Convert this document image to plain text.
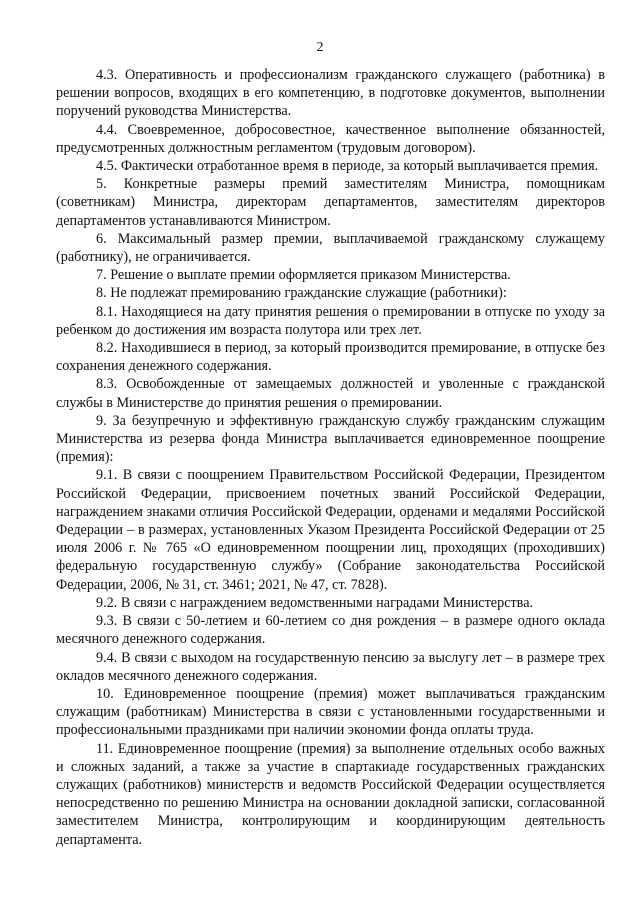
2

4.3. Оперативность и профессионализм гражданского служащего (работника) в решении вопросов, входящих в его компетенцию, в подготовке документов, выполнении поручений руководства Министерства.

4.4. Своевременное, добросовестное, качественное выполнение обязанностей, предусмотренных должностным регламентом (трудовым договором).

4.5. Фактически отработанное время в периоде, за который выплачивается премия.

5. Конкретные размеры премий заместителям Министра, помощникам (советникам) Министра, директорам департаментов, заместителям директоров департаментов устанавливаются Министром.

6. Максимальный размер премии, выплачиваемой гражданскому служащему (работнику), не ограничивается.

7. Решение о выплате премии оформляется приказом Министерства.

8. Не подлежат премированию гражданские служащие (работники):

8.1. Находящиеся на дату принятия решения о премировании в отпуске по уходу за ребенком до достижения им возраста полутора или трех лет.

8.2. Находившиеся в период, за который производится премирование, в отпуске без сохранения денежного содержания.

8.3. Освобожденные от замещаемых должностей и уволенные с гражданской службы в Министерстве до принятия решения о премировании.

9. За безупречную и эффективную гражданскую службу гражданским служащим Министерства из резерва фонда Министра выплачивается единовременное поощрение (премия):

9.1. В связи с поощрением Правительством Российской Федерации, Президентом Российской Федерации, присвоением почетных званий Российской Федерации, награждением знаками отличия Российской Федерации, орденами и медалями Российской Федерации – в размерах, установленных Указом Президента Российской Федерации от 25 июля 2006 г. № 765 «О единовременном поощрении лиц, проходящих (проходивших) федеральную государственную службу» (Собрание законодательства Российской Федерации, 2006, № 31, ст. 3461; 2021, № 47, ст. 7828).

9.2. В связи с награждением ведомственными наградами Министерства.

9.3. В связи с 50-летием и 60-летием со дня рождения – в размере одного оклада месячного денежного содержания.

9.4. В связи с выходом на государственную пенсию за выслугу лет – в размере трех окладов месячного денежного содержания.

10. Единовременное поощрение (премия) может выплачиваться гражданским служащим (работникам) Министерства в связи с установленными государственными и профессиональными праздниками при наличии экономии фонда оплаты труда.

11. Единовременное поощрение (премия) за выполнение отдельных особо важных и сложных заданий, а также за участие в спартакиаде государственных гражданских служащих (работников) министерств и ведомств Российской Федерации осуществляется непосредственно по решению Министра на основании докладной записки, согласованной заместителем Министра, контролирующим и координирующим деятельность департамента.
